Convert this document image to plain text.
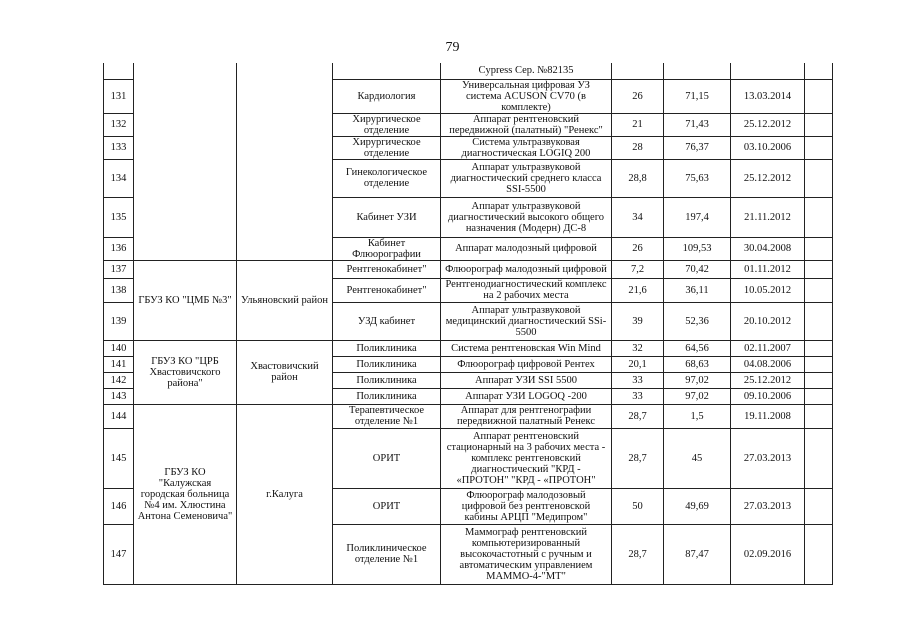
79
				Cypress Сер. №82135				
131			Кардиология	Универсальная цифровая УЗ система ACUSON CV70 (в комплекте)	26	71,15	13.03.2014	
132			Хирургическое отделение	Аппарат рентгеновский передвижной (палатный) "Ренекс"	21	71,43	25.12.2012	
133			Хирургическое отделение	Система ультразвуковая диагностическая LOGIQ 200	28	76,37	03.10.2006	
134			Гинекологическое отделение	Аппарат ультразвуковой диагностический среднего класса SSI-5500	28,8	75,63	25.12.2012	
135			Кабинет УЗИ	Аппарат ультразвуковой диагностический высокого общего назначения (Модерн) ДС-8	34	197,4	21.11.2012	
136			Кабинет Флюорографии	Аппарат малодозный цифровой	26	109,53	30.04.2008	
137	ГБУЗ КО "ЦМБ №3"	Ульяновский район	Рентгенокабинет"	Флюорограф малодозный цифровой	7,2	70,42	01.11.2012	
138			Рентгенокабинет"	Рентгенодиагностический комплекс на 2 рабочих места	21,6	36,11	10.05.2012	
139			УЗД кабинет	Аппарат ультразвуковой медицинский диагностический SSi-5500	39	52,36	20.10.2012	
140	ГБУЗ КО "ЦРБ Хвастовичского района"	Хвастовичский район	Поликлиника	Система рентгеновская Win Mind	32	64,56	02.11.2007	
141			Поликлиника	Флюорограф цифровой Рентех	20,1	68,63	04.08.2006	
142			Поликлиника	Аппарат УЗИ SSI 5500	33	97,02	25.12.2012	
143			Поликлиника	Аппарат УЗИ LOGOQ -200	33	97,02	09.10.2006	
144	ГБУЗ КО "Калужская городская больница №4 им. Хлюстина Антона Семеновича"	г.Калуга	Терапевтическое отделение №1	Аппарат для рентгенографии передвижной палатный Ренекс	28,7	1,5	19.11.2008	
145			ОРИТ	Аппарат рентгеновский стационарный на 3 рабочих места - комплекс рентгеновский диагностический "КРД - «ПРОТОН" "КРД - «ПРОТОН"	28,7	45	27.03.2013	
146			ОРИТ	Флюорограф малодозовый цифровой без рентгеновской кабины АРЦП "Медипром"	50	49,69	27.03.2013	
147			Поликлиническое отделение №1	Маммограф рентгеновский компьютеризированный высокочастотный с ручным и автоматическим управлением МАММО-4-"МТ"	28,7	87,47	02.09.2016	
